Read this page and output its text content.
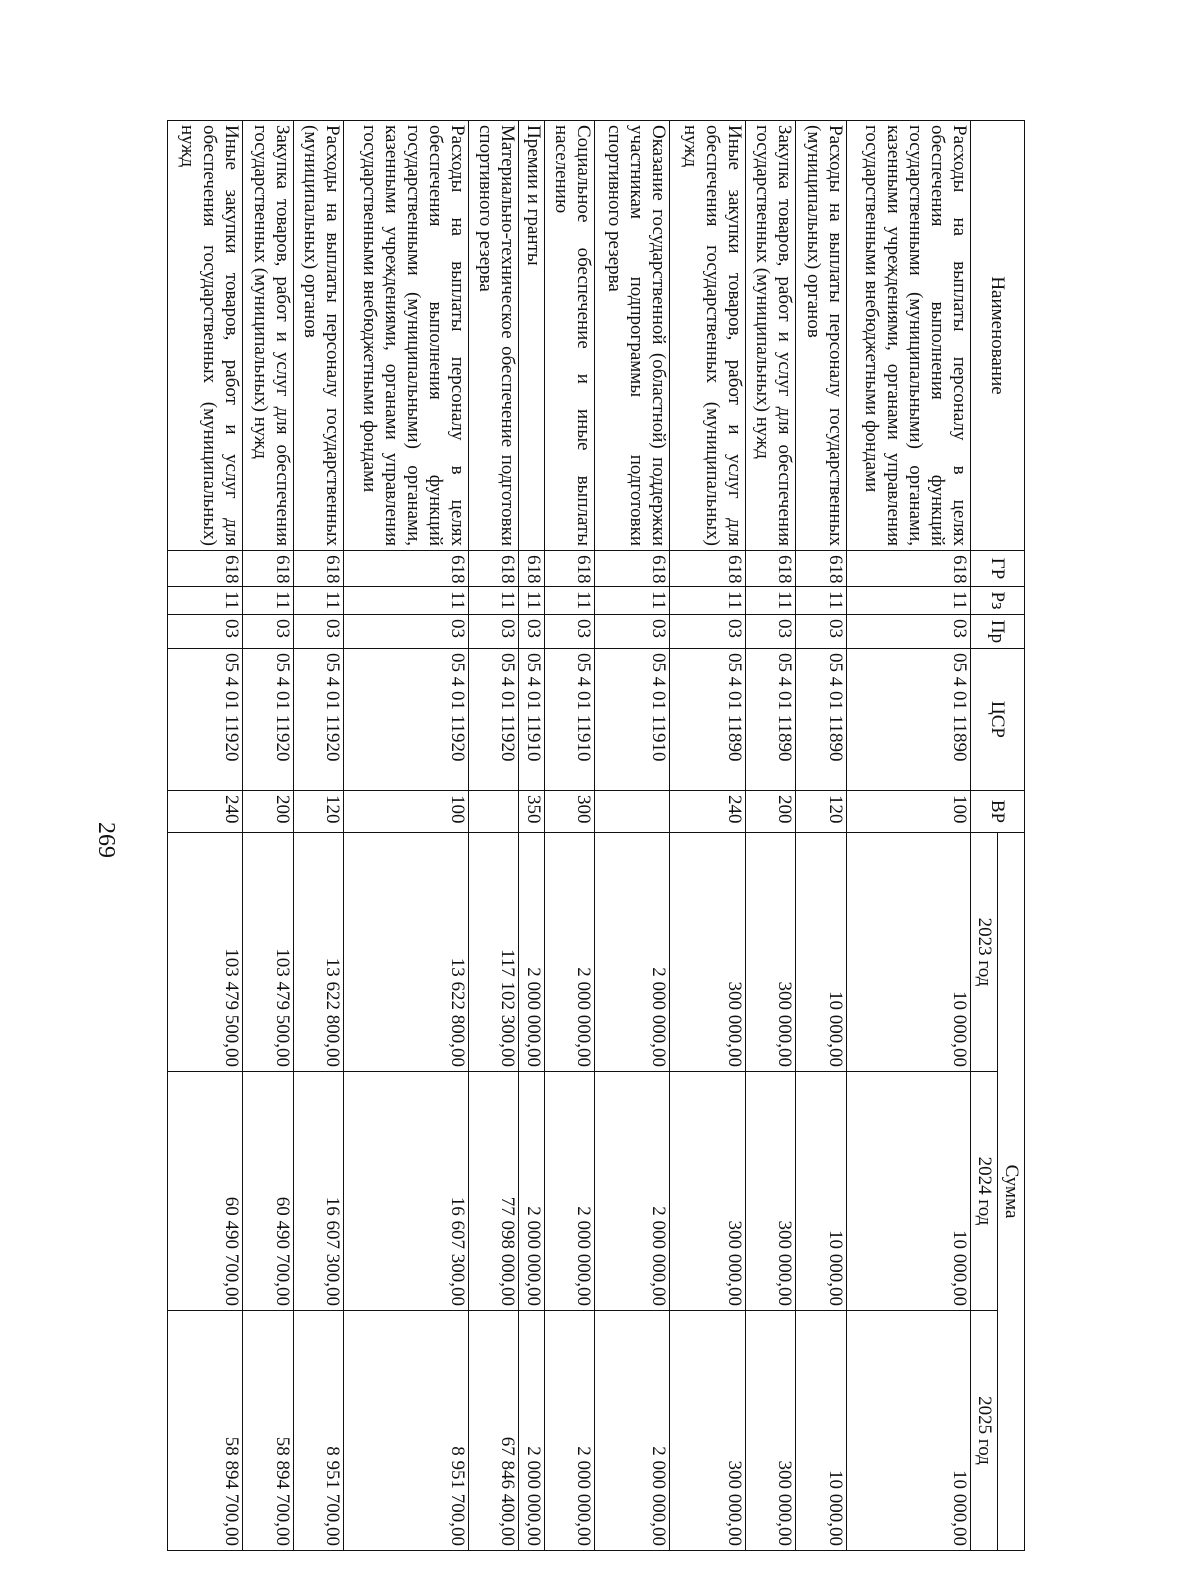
269
Наименование	ГР	Рз	Пр	ЦСР	ВР	Сумма		
						2023 год	2024 год	2025 год
Расходы на выплаты персоналу в целях обеспечения выполнения функций государственными (муниципальными) органами, казенными учреждениями, органами управления государственными внебюджетными фондами	618	11	03	05 4 01 11890	100	10 000,00	10 000,00	10 000,00
Расходы на выплаты персоналу государственных (муниципальных) органов	618	11	03	05 4 01 11890	120	10 000,00	10 000,00	10 000,00
Закупка товаров, работ и услуг для обеспечения государственных (муниципальных) нужд	618	11	03	05 4 01 11890	200	300 000,00	300 000,00	300 000,00
Иные закупки товаров, работ и услуг для обеспечения государственных (муниципальных) нужд	618	11	03	05 4 01 11890	240	300 000,00	300 000,00	300 000,00
Оказание государственной (областной) поддержки участникам подпрограммы подготовки спортивного резерва	618	11	03	05 4 01 11910		2 000 000,00	2 000 000,00	2 000 000,00
Социальное обеспечение и иные выплаты населению	618	11	03	05 4 01 11910	300	2 000 000,00	2 000 000,00	2 000 000,00
Премии и гранты	618	11	03	05 4 01 11910	350	2 000 000,00	2 000 000,00	2 000 000,00
Материально-техническое обеспечение подготовки спортивного резерва	618	11	03	05 4 01 11920		117 102 300,00	77 098 000,00	67 846 400,00
Расходы на выплаты персоналу в целях обеспечения выполнения функций государственными (муниципальными) органами, казенными учреждениями, органами управления государственными внебюджетными фондами	618	11	03	05 4 01 11920	100	13 622 800,00	16 607 300,00	8 951 700,00
Расходы на выплаты персоналу государственных (муниципальных) органов	618	11	03	05 4 01 11920	120	13 622 800,00	16 607 300,00	8 951 700,00
Закупка товаров, работ и услуг для обеспечения государственных (муниципальных) нужд	618	11	03	05 4 01 11920	200	103 479 500,00	60 490 700,00	58 894 700,00
Иные закупки товаров, работ и услуг для обеспечения государственных (муниципальных) нужд	618	11	03	05 4 01 11920	240	103 479 500,00	60 490 700,00	58 894 700,00
